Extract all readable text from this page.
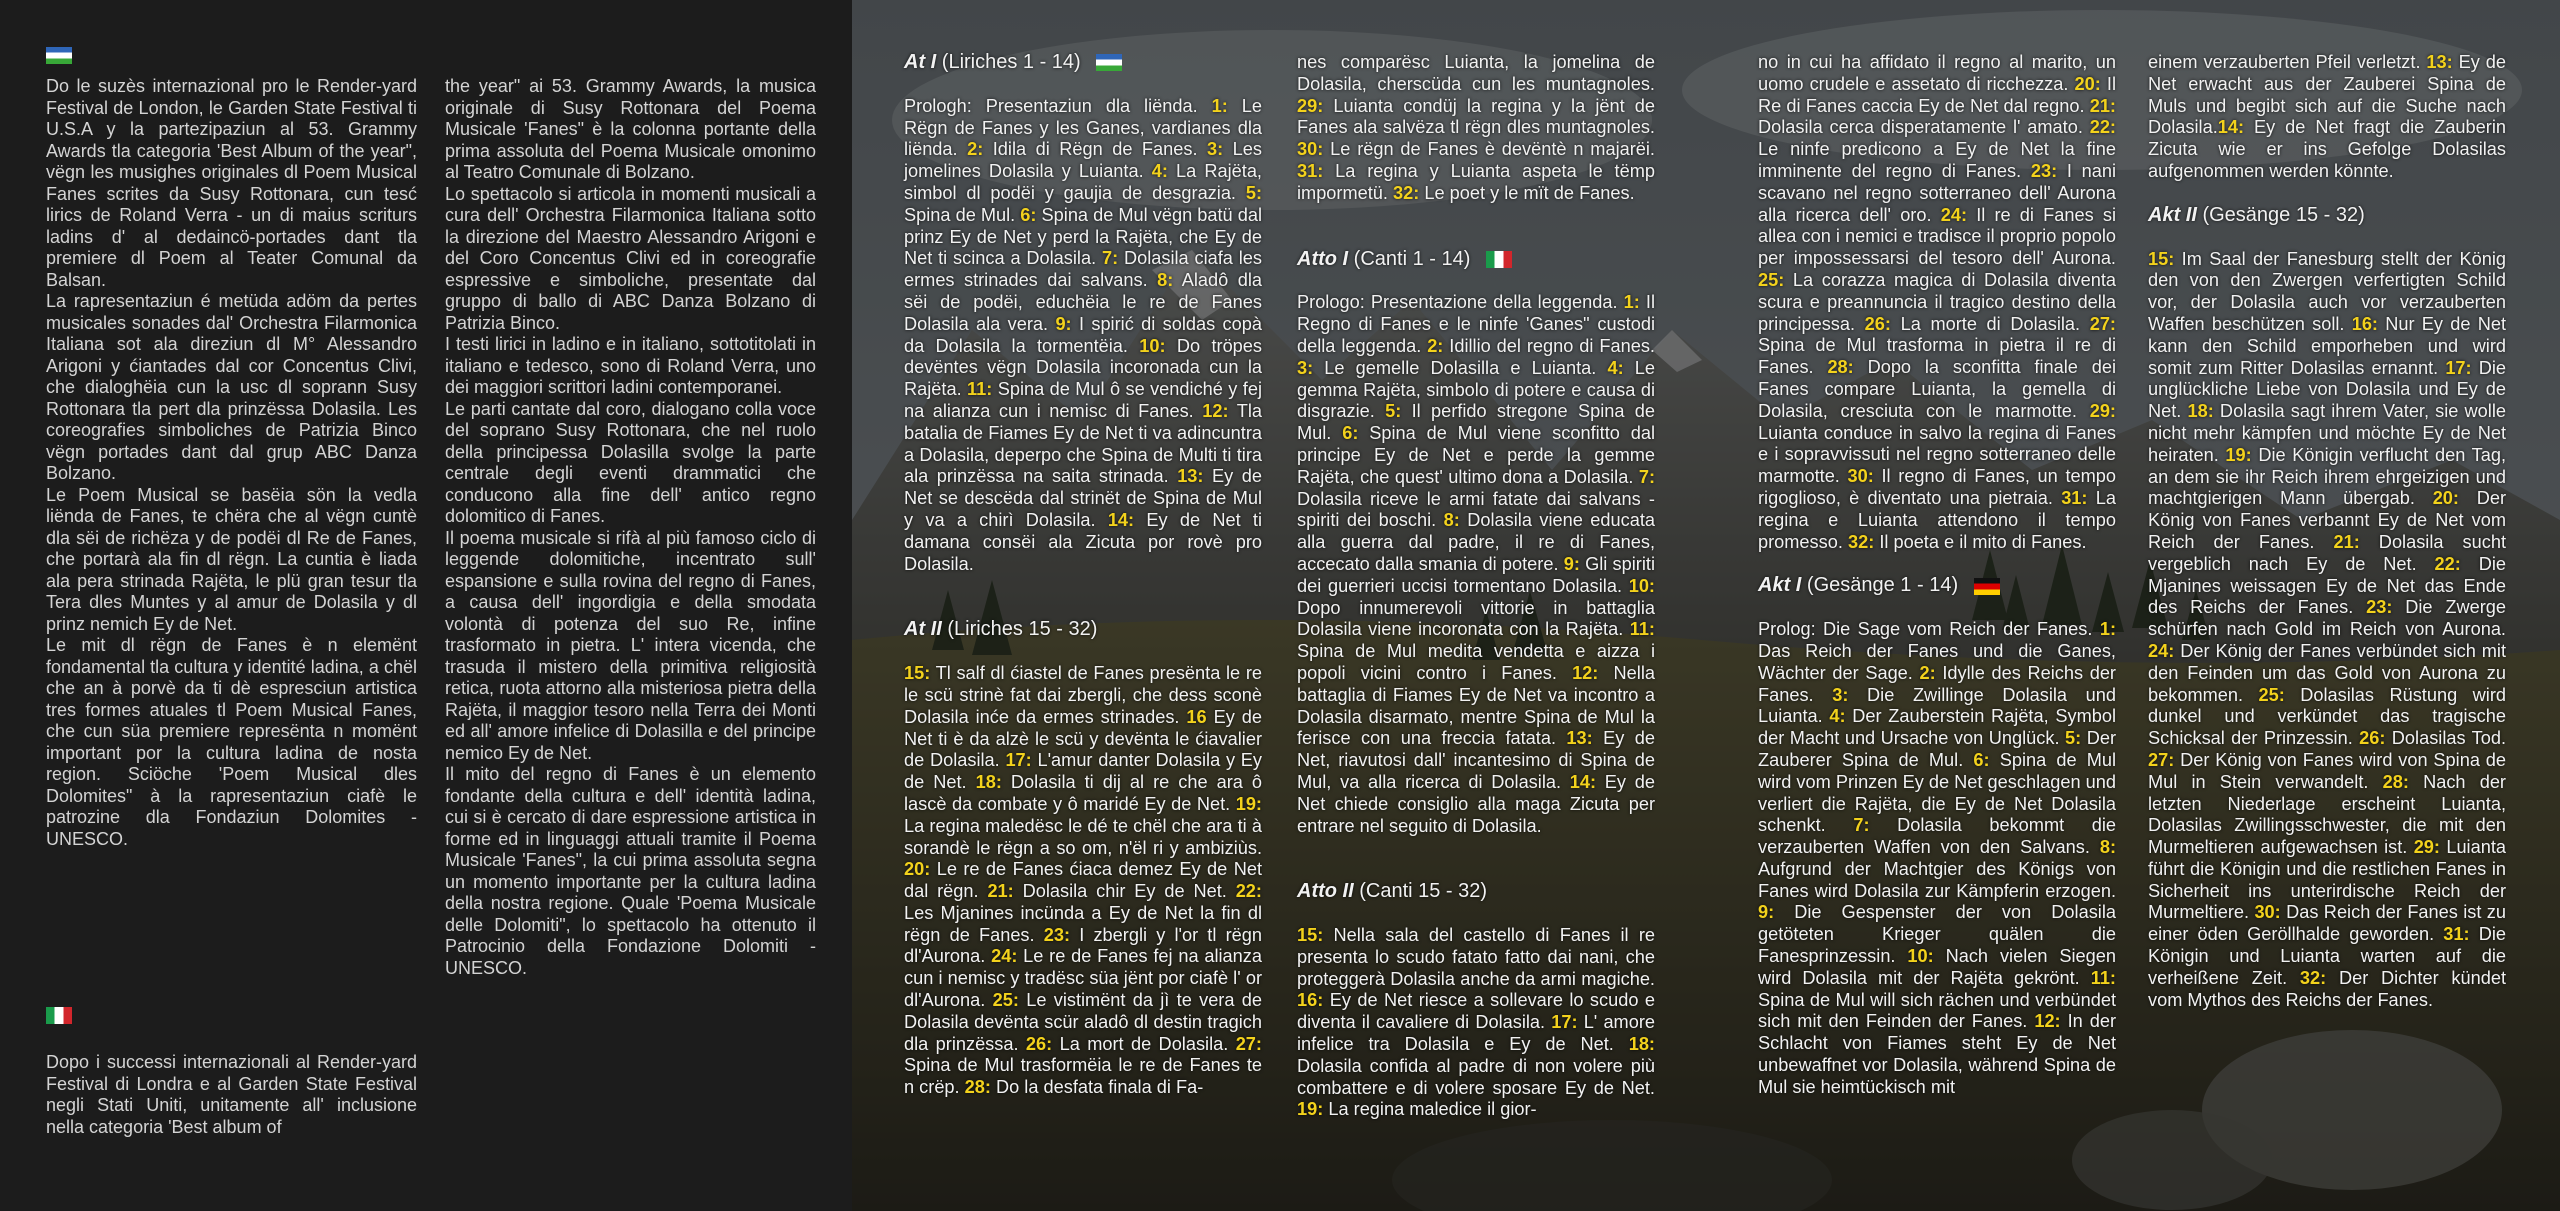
Do le suzès internazional pro le Render-yard Festival de London, le Garden State Festival ti U.S.A y la partezipaziun al 53. Grammy Awards tla categoria 'Best Album of the year", vëgn les musighes originales dl Poem Musical Fanes scrites da Susy Rottonara, cun tesć lirics de Roland Verra - un di maius scriturs ladins d' al dedaincö-portades dant tla premiere dl Poem al Teater Comunal da Balsan.

La rapresentaziun é metüda adöm da pertes musicales sonades dal' Orchestra Filarmonica Italiana sot ala direziun dl M° Alessandro Arigoni y ćiantades dal cor Concentus Clivi, che dialoghëia cun la usc dl soprann Susy Rottonara tla pert dla prinzëssa Dolasila. Les coreografies simboliches de Patrizia Binco vëgn portades dant dal grup ABC Danza Bolzano.

Le Poem Musical se basëia sön la vedla liënda de Fanes, te chëra che al vëgn cuntè dla sëi de richëza y de podëi dl Re de Fanes, che portarà ala fin dl rëgn. La cuntia è liada ala pera strinada Rajëta, le plü gran tesur tla Tera dles Muntes y al amur de Dolasila y dl prinz nemich Ey de Net.

Le mit dl rëgn de Fanes è n elemënt fondamental tla cultura y identité ladina, a chël che an à porvè da ti dè espresciun artistica tres formes atuales tl Poem Musical Fanes, che cun süa premiere represënta n momënt important por la cultura ladina de nosta region. Sciöche 'Poem Musical dles Dolomites" à la rapresentaziun ciafè le patrozine dla Fondaziun Dolomites - UNESCO.

Dopo i successi internazionali al Render-yard Festival di Londra e al Garden State Festival negli Stati Uniti, unitamente all' inclusione nella categoria 'Best album of

the year" ai 53. Grammy Awards, la musica originale di Susy Rottonara del Poema Musicale 'Fanes" è la colonna portante della prima assoluta del Poema Musicale omonimo al Teatro Comunale di Bolzano.

Lo spettacolo si articola in momenti musicali a cura dell' Orchestra Filarmonica Italiana sotto la direzione del Maestro Alessandro Arigoni e del Coro Concentus Clivi ed in coreografie espressive e simboliche, presentate dal gruppo di ballo di ABC Danza Bolzano di Patrizia Binco.

I testi lirici in ladino e in italiano, sottotitolati in italiano e tedesco, sono di Roland Verra, uno dei maggiori scrittori ladini contemporanei.

Le parti cantate dal coro, dialogano colla voce del soprano Susy Rottonara, che nel ruolo della principessa Dolasilla svolge la parte centrale degli eventi drammatici che conducono alla fine dell' antico regno dolomitico di Fanes.

Il poema musicale si rifà al più famoso ciclo di leggende dolomitiche, incentrato sull' espansione e sulla rovina del regno di Fanes, a causa dell' ingordigia e della smodata volontà di potenza del suo Re, infine trasformato in pietra. L' intera vicenda, che trasuda il mistero della primitiva religiosità retica, ruota attorno alla misteriosa pietra della Rajëta, il maggior tesoro nella Terra dei Monti ed all' amore infelice di Dolasilla e del principe nemico Ey de Net.

Il mito del regno di Fanes è un elemento fondante della cultura e dell' identità ladina, cui si è cercato di dare espressione artistica in forme ed in linguaggi attuali tramite il Poema Musicale 'Fanes", la cui prima assoluta segna un momento importante per la cultura ladina della nostra regione. Quale 'Poema Musicale delle Dolomiti", lo spettacolo ha ottenuto il Patrocinio della Fondazione Dolomiti - UNESCO.

At I (Liriches 1 - 14)

Prologh: Presentaziun dla liënda. 1: Le Rëgn de Fanes y les Ganes, vardianes dla liënda. 2: Idila di Rëgn de Fanes. 3: Les jomelines Dolasila y Luianta. 4: La Rajëta, simbol dl podëi y gaujia de desgrazia. 5: Spina de Mul. 6: Spina de Mul vëgn batü dal prinz Ey de Net y perd la Rajëta, che Ey de Net ti scinca a Dolasila. 7: Dolasila ciafa les ermes strinades dai salvans. 8: Aladô dla sëi de podëi, educhëia le re de Fanes Dolasila ala vera. 9: I spirić di soldas copà da Dolasila la tormentëia. 10: Do tröpes devëntes vëgn Dolasila incoronada cun la Rajëta. 11: Spina de Mul ô se vendiché y fej na alianza cun i nemisc di Fanes. 12: Tla batalia de Fiames Ey de Net ti va adincuntra a Dolasila, deperpo che Spina de Multi ti tira ala prinzëssa na saita strinada. 13: Ey de Net se descëda dal strinët de Spina de Mul y va a chirì Dolasila. 14: Ey de Net ti damana consëi ala Zicuta por rovè pro Dolasila.

At II (Liriches 15 - 32)

15: Tl salf dl ćiastel de Fanes presënta le re le scü strinè fat dai zbergli, che dess sconè Dolasila inće da ermes strinades. 16 Ey de Net ti è da alzè le scü y devënta le ćiavalier de Dolasila. 17: L'amur danter Dolasila y Ey de Net. 18: Dolasila ti dij al re che ara ô lascè da combate y ô maridé Ey de Net. 19: La regina maledësc le dé te chël che ara ti à sorandè le rëgn a so om, n'ël ri y ambiziùs. 20: Le re de Fanes ćiaca demez Ey de Net dal rëgn. 21: Dolasila chir Ey de Net. 22: Les Mjanines incünda a Ey de Net la fin dl rëgn de Fanes. 23: I zbergli y l'or tl rëgn dl'Aurona. 24: Le re de Fanes fej na alianza cun i nemisc y tradësc süa jënt por ciafè l' or dl'Aurona. 25: Le vistimënt da jì te vera de Dolasila devënta scür aladô dl destin tragich dla prinzëssa. 26: La mort de Dolasila. 27: Spina de Mul trasformëia le re de Fanes te n crëp. 28: Do la desfata finala di Fa-

nes comparësc Luianta, la jomelina de Dolasila, cherscüda cun les muntagnoles. 29: Luianta condüj la regina y la jënt de Fanes ala salvëza tl rëgn dles muntagnoles. 30: Le rëgn de Fanes è devëntè n majarëi. 31: La regina y Luianta aspeta le tëmp impormetü. 32: Le poet y le mït de Fanes.

Atto I (Canti 1 - 14)

Prologo: Presentazione della leggenda. 1: Il Regno di Fanes e le ninfe 'Ganes" custodi della leggenda. 2: Idillio del regno di Fanes. 3: Le gemelle Dolasilla e Luianta. 4: Le gemma Rajëta, simbolo di potere e causa di disgrazie. 5: Il perfido stregone Spina de Mul. 6: Spina de Mul viene sconfitto dal principe Ey de Net e perde la gemme Rajëta, che quest' ultimo dona a Dolasila. 7: Dolasila riceve le armi fatate dai salvans - spiriti dei boschi. 8: Dolasila viene educata alla guerra dal padre, il re di Fanes, accecato dalla smania di potere. 9: Gli spiriti dei guerrieri uccisi tormentano Dolasila. 10: Dopo innumerevoli vittorie in battaglia Dolasila viene incoronata con la Rajëta. 11: Spina de Mul medita vendetta e aizza i popoli vicini contro i Fanes. 12: Nella battaglia di Fiames Ey de Net va incontro a Dolasila disarmato, mentre Spina de Mul la ferisce con una freccia fatata. 13: Ey de Net, riavutosi dall' incantesimo di Spina de Mul, va alla ricerca di Dolasila. 14: Ey de Net chiede consiglio alla maga Zicuta per entrare nel seguito di Dolasila.

Atto II (Canti 15 - 32)

15: Nella sala del castello di Fanes il re presenta lo scudo fatato fatto dai nani, che proteggerà Dolasila anche da armi magiche. 16: Ey de Net riesce a sollevare lo scudo e diventa il cavaliere di Dolasila. 17: L' amore infelice tra Dolasila e Ey de Net. 18: Dolasila confida al padre di non volere più combattere e di volere sposare Ey de Net. 19: La regina maledice il gior-

no in cui ha affidato il regno al marito, un uomo crudele e assetato di ricchezza. 20: Il Re di Fanes caccia Ey de Net dal regno. 21: Dolasila cerca disperatamente l' amato. 22: Le ninfe predicono a Ey de Net la fine imminente del regno di Fanes. 23: I nani scavano nel regno sotterraneo dell' Aurona alla ricerca dell' oro. 24: Il re di Fanes si allea con i nemici e tradisce il proprio popolo per impossessarsi del tesoro dell' Aurona. 25: La corazza magica di Dolasila diventa scura e preannuncia il tragico destino della principessa. 26: La morte di Dolasila. 27: Spina de Mul trasforma in pietra il re di Fanes. 28: Dopo la sconfitta finale dei Fanes compare Luianta, la gemella di Dolasila, cresciuta con le marmotte. 29: Luianta conduce in salvo la regina di Fanes e i sopravvissuti nel regno sotterraneo delle marmotte. 30: Il regno di Fanes, un tempo rigoglioso, è diventato una pietraia. 31: La regina e Luianta attendono il tempo promesso. 32: Il poeta e il mito di Fanes.

Akt I (Gesänge 1 - 14)

Prolog: Die Sage vom Reich der Fanes. 1: Das Reich der Fanes und die Ganes, Wächter der Sage. 2: Idylle des Reichs der Fanes. 3: Die Zwillinge Dolasila und Luianta. 4: Der Zauberstein Rajëta, Symbol der Macht und Ursache von Unglück. 5: Der Zauberer Spina de Mul. 6: Spina de Mul wird vom Prinzen Ey de Net geschlagen und verliert die Rajëta, die Ey de Net Dolasila schenkt. 7: Dolasila bekommt die verzauberten Waffen von den Salvans. 8: Aufgrund der Machtgier des Königs von Fanes wird Dolasila zur Kämpferin erzogen. 9: Die Gespenster der von Dolasila getöteten Krieger quälen die Fanesprinzessin. 10: Nach vielen Siegen wird Dolasila mit der Rajëta gekrönt. 11: Spina de Mul will sich rächen und verbündet sich mit den Feinden der Fanes. 12: In der Schlacht von Fiames steht Ey de Net unbewaffnet vor Dolasila, während Spina de Mul sie heimtückisch mit

einem verzauberten Pfeil verletzt. 13: Ey de Net erwacht aus der Zauberei Spina de Muls und begibt sich auf die Suche nach Dolasila.14: Ey de Net fragt die Zauberin Zicuta wie er ins Gefolge Dolasilas aufgenommen werden könnte.

Akt II (Gesänge 15 - 32)

15: Im Saal der Fanesburg stellt der König den von den Zwergen verfertigten Schild vor, der Dolasila auch vor verzauberten Waffen beschützen soll. 16: Nur Ey de Net kann den Schild emporheben und wird somit zum Ritter Dolasilas ernannt. 17: Die unglückliche Liebe von Dolasila und Ey de Net. 18: Dolasila sagt ihrem Vater, sie wolle nicht mehr kämpfen und möchte Ey de Net heiraten. 19: Die Königin verflucht den Tag, an dem sie ihr Reich ihrem ehrgeizigen und machtgierigen Mann übergab. 20: Der König von Fanes verbannt Ey de Net vom Reich der Fanes. 21: Dolasila sucht vergeblich nach Ey de Net. 22: Die Mjanines weissagen Ey de Net das Ende des Reichs der Fanes. 23: Die Zwerge schürfen nach Gold im Reich von Aurona. 24: Der König der Fanes verbündet sich mit den Feinden um das Gold von Aurona zu bekommen. 25: Dolasilas Rüstung wird dunkel und verkündet das tragische Schicksal der Prinzessin. 26: Dolasilas Tod. 27: Der König von Fanes wird von Spina de Mul in Stein verwandelt. 28: Nach der letzten Niederlage erscheint Luianta, Dolasilas Zwillingsschwester, die mit den Murmeltieren aufgewachsen ist. 29: Luianta führt die Königin und die restlichen Fanes in Sicherheit ins unterirdische Reich der Murmeltiere. 30: Das Reich der Fanes ist zu einer öden Geröllhalde geworden. 31: Die Königin und Luianta warten auf die verheißene Zeit. 32: Der Dichter kündet vom Mythos des Reichs der Fanes.
